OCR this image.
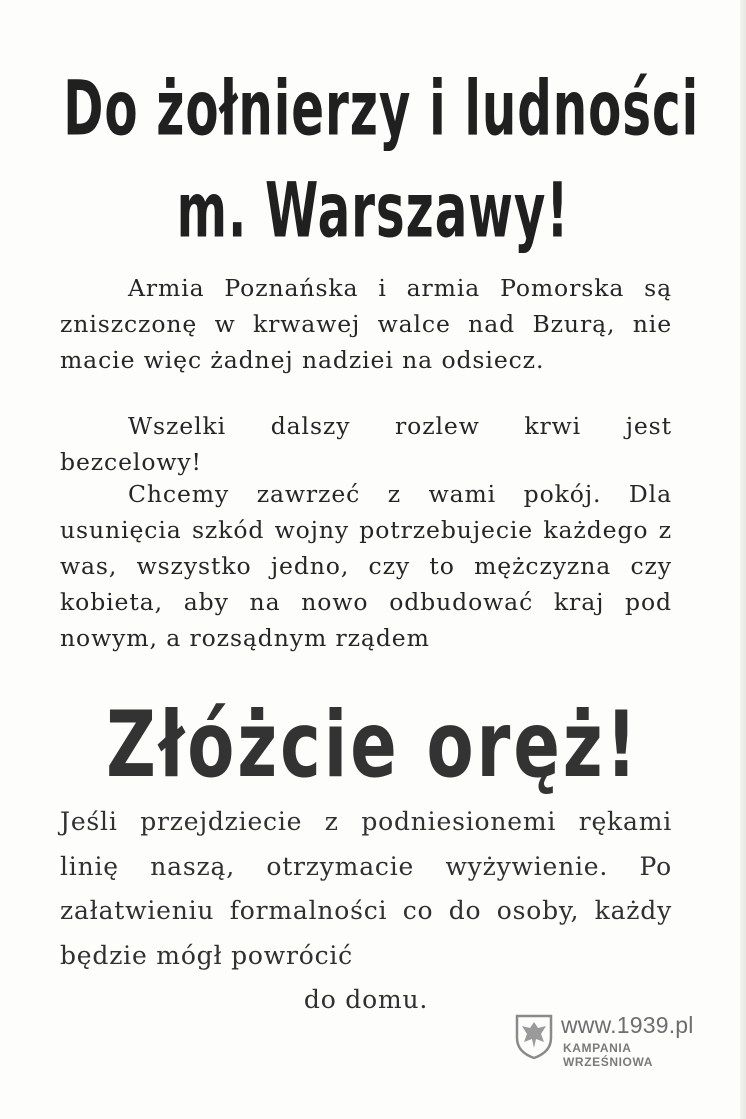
Do żołnierzy i ludności
m. Warszawy!
Armia Poznańska i armia Pomorska są zniszczonę w krwawej walce nad Bzurą, nie macie więc żadnej nadziei na odsiecz.
Wszelki dalszy rozlew krwi jest bezcelowy!
Chcemy zawrzeć z wami pokój. Dla usunięcia szkód wojny potrzebujecie każdego z was, wszystko jedno, czy to mężczyzna czy kobieta, aby na nowo odbudować kraj pod nowym, a rozsądnym rządem
Złóżcie oręż!
Jeśli przejdziecie z podniesionemi rękami linię naszą, otrzymacie wyżywienie. Po załatwieniu formalności co do osoby, każdy będzie mógł powrócić
do domu.
www.1939.pl
KAMPANIA WRZEŚNIOWA
